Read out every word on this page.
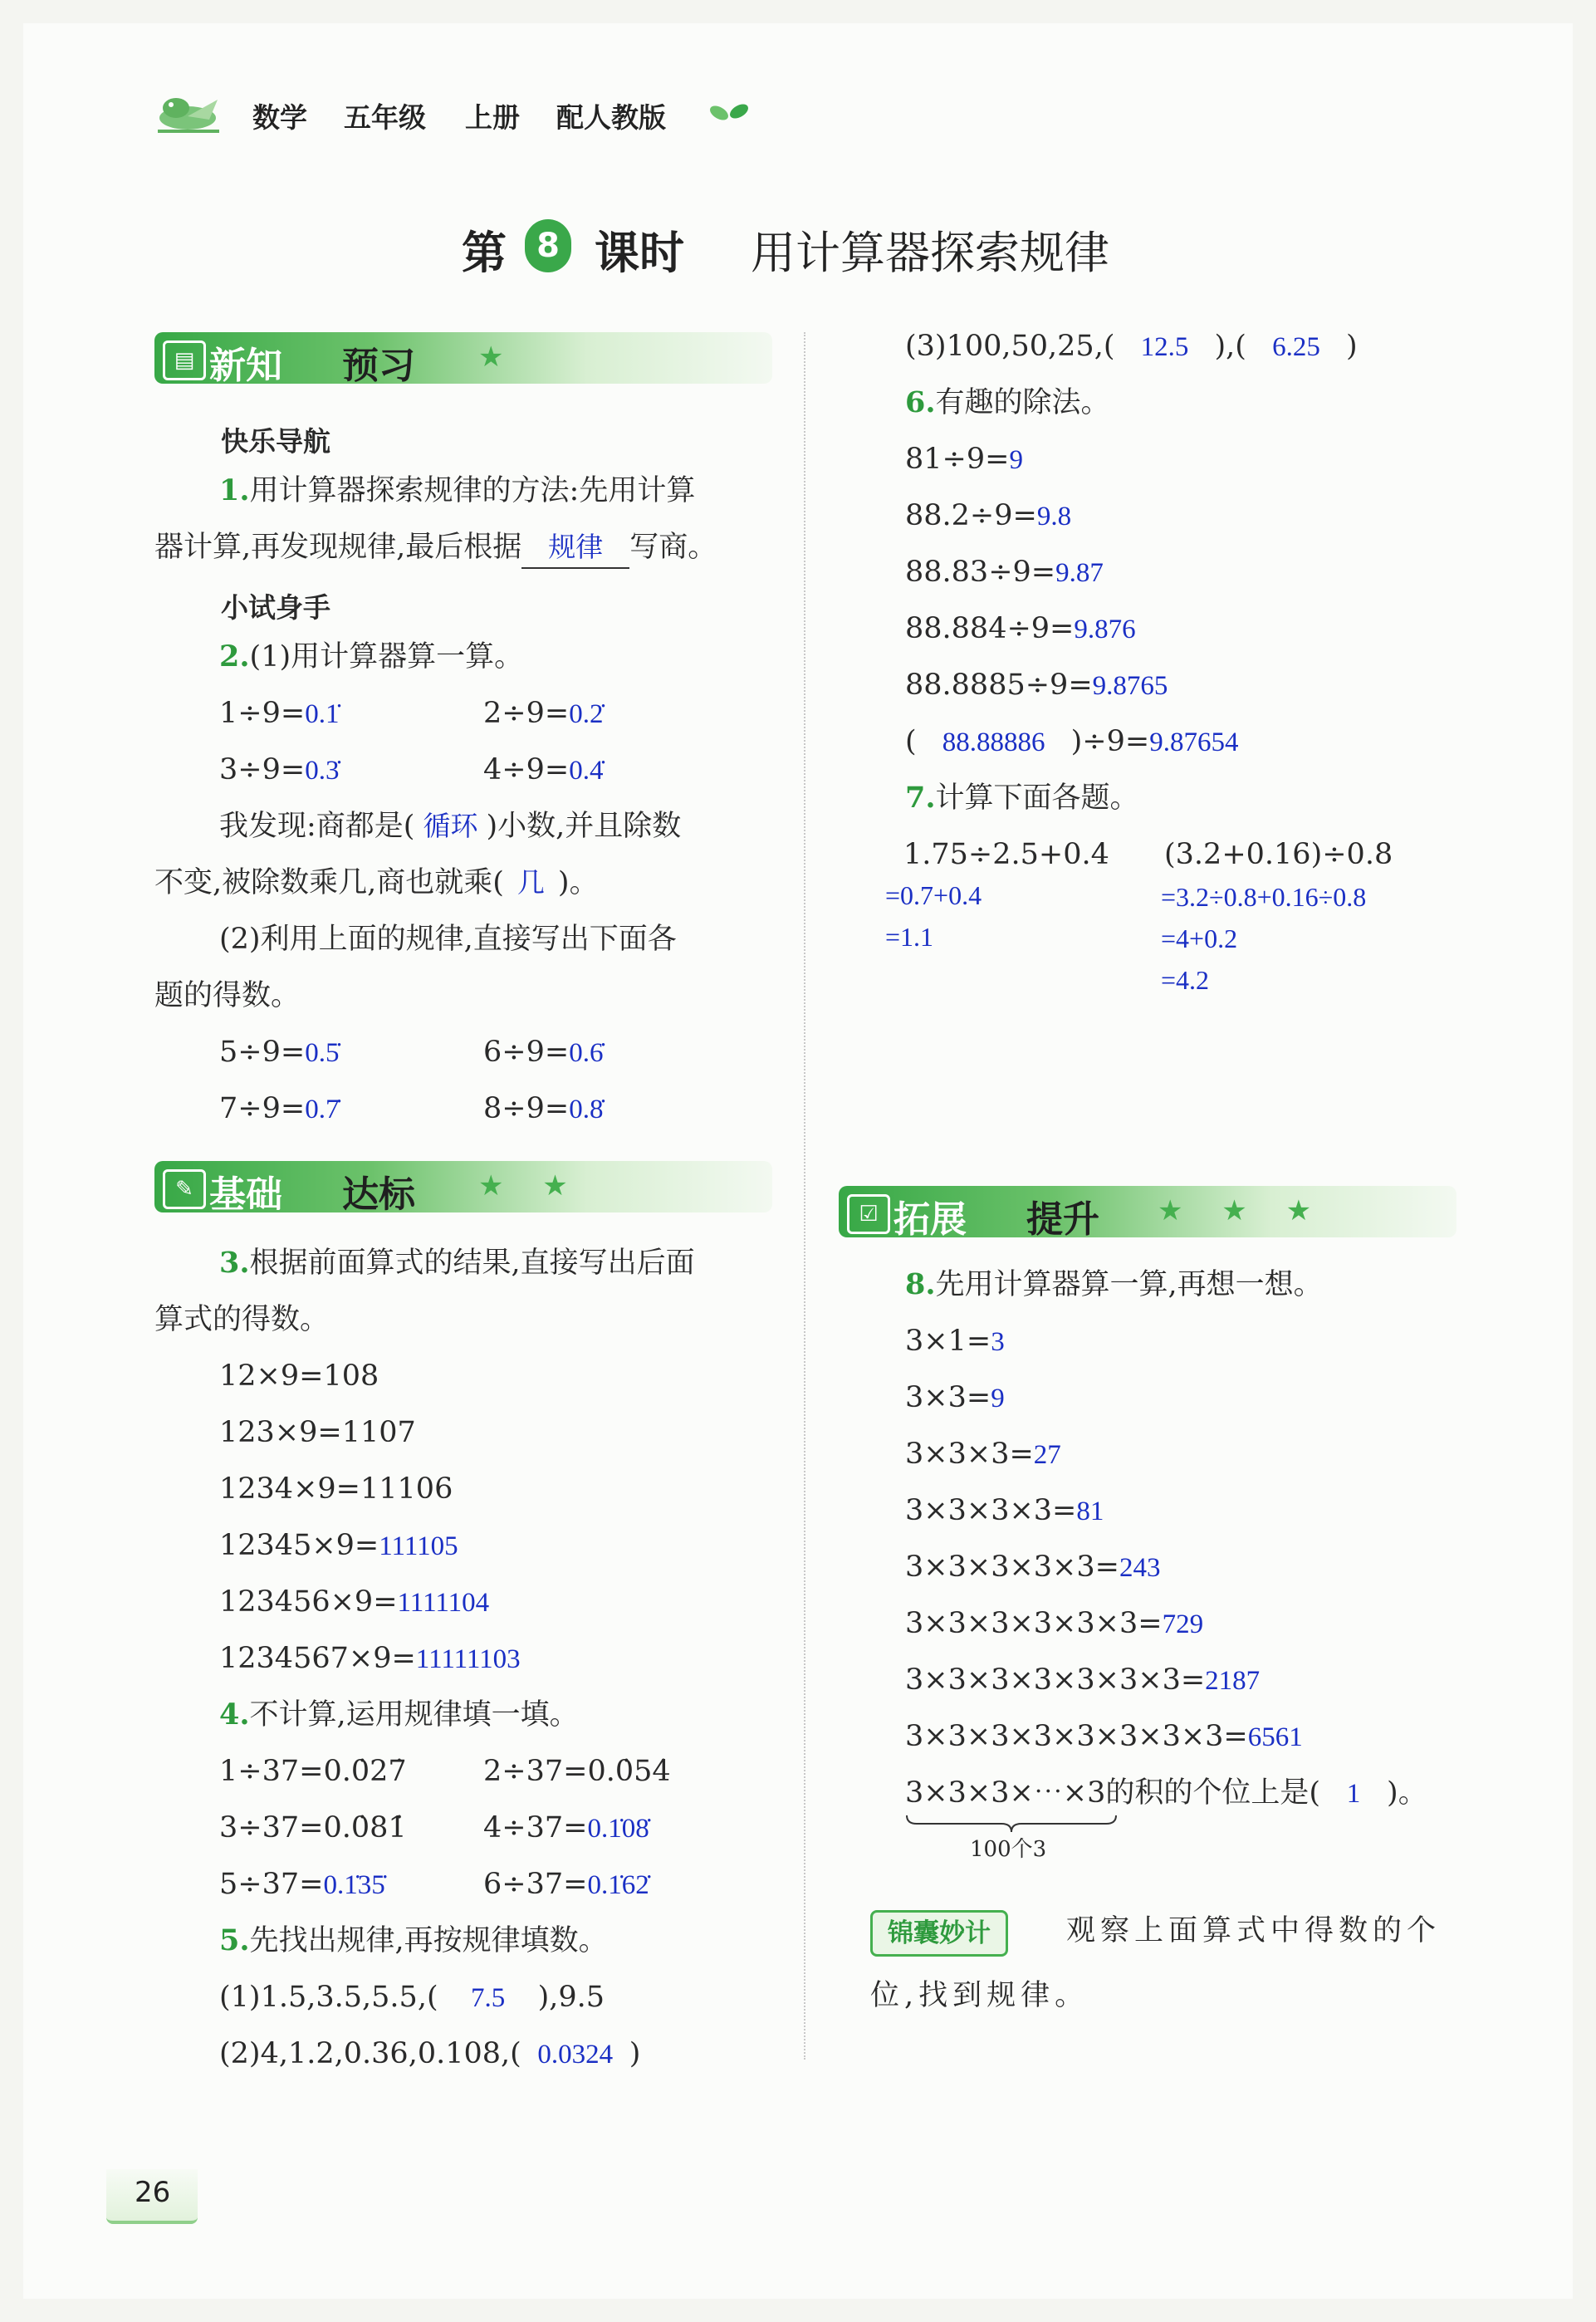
数学 五年级 上册 配人教版
第 8 课时 用计算器探索规律
▤ 新知 预习 ★
快乐导航
1.用计算器探索规律的方法:先用计算
器计算,再发现规律,最后根据 规律 写商。
小试身手
2.(1)用计算器算一算。
1÷9=0.1̇	2÷9=0.2̇
3÷9=0.3̇	4÷9=0.4̇
我发现:商都是( 循环 )小数,并且除数
不变,被除数乘几,商也就乘( 几 )。
(2)利用上面的规律,直接写出下面各
题的得数。
5÷9=0.5̇	6÷9=0.6̇
7÷9=0.7̇	8÷9=0.8̇
✎ 基础 达标 ★ ★
3.根据前面算式的结果,直接写出后面
算式的得数。
12×9=108
123×9=1107
1234×9=11106
12345×9=111105
123456×9=1111104
1234567×9=11111103
4.不计算,运用规律填一填。
1÷37=0.0̇27̇	2÷37=0.0̇54̇
3÷37=0.0̇81̇	4÷37=0.1̇08̇
5÷37=0.1̇35̇	6÷37=0.1̇62̇
5.先找出规律,再按规律填数。
(1)1.5,3.5,5.5,( 7.5 ),9.5
(2)4,1.2,0.36,0.108,( 0.0324 )
(3)100,50,25,( 12.5 ),( 6.25 )
6.有趣的除法。
81÷9=9
88.2÷9=9.8
88.83÷9=9.87
88.884÷9=9.876
88.8885÷9=9.8765
( 88.88886 )÷9=9.87654
7.计算下面各题。
1.75÷2.5+0.4 (3.2+0.16)÷0.8
=0.7+0.4
=1.1
=3.2÷0.8+0.16÷0.8
=4+0.2
=4.2
☑ 拓展 提升 ★ ★ ★
8.先用计算器算一算,再想一想。
3×1=3
3×3=9
3×3×3=27
3×3×3×3=81
3×3×3×3×3=243
3×3×3×3×3×3=729
3×3×3×3×3×3×3=2187
3×3×3×3×3×3×3×3=6561
3×3×3×⋯×3的积的个位上是( 1 )。
100个3
锦囊妙计	观察上面算式中得数的个
位,找到规律。
26
